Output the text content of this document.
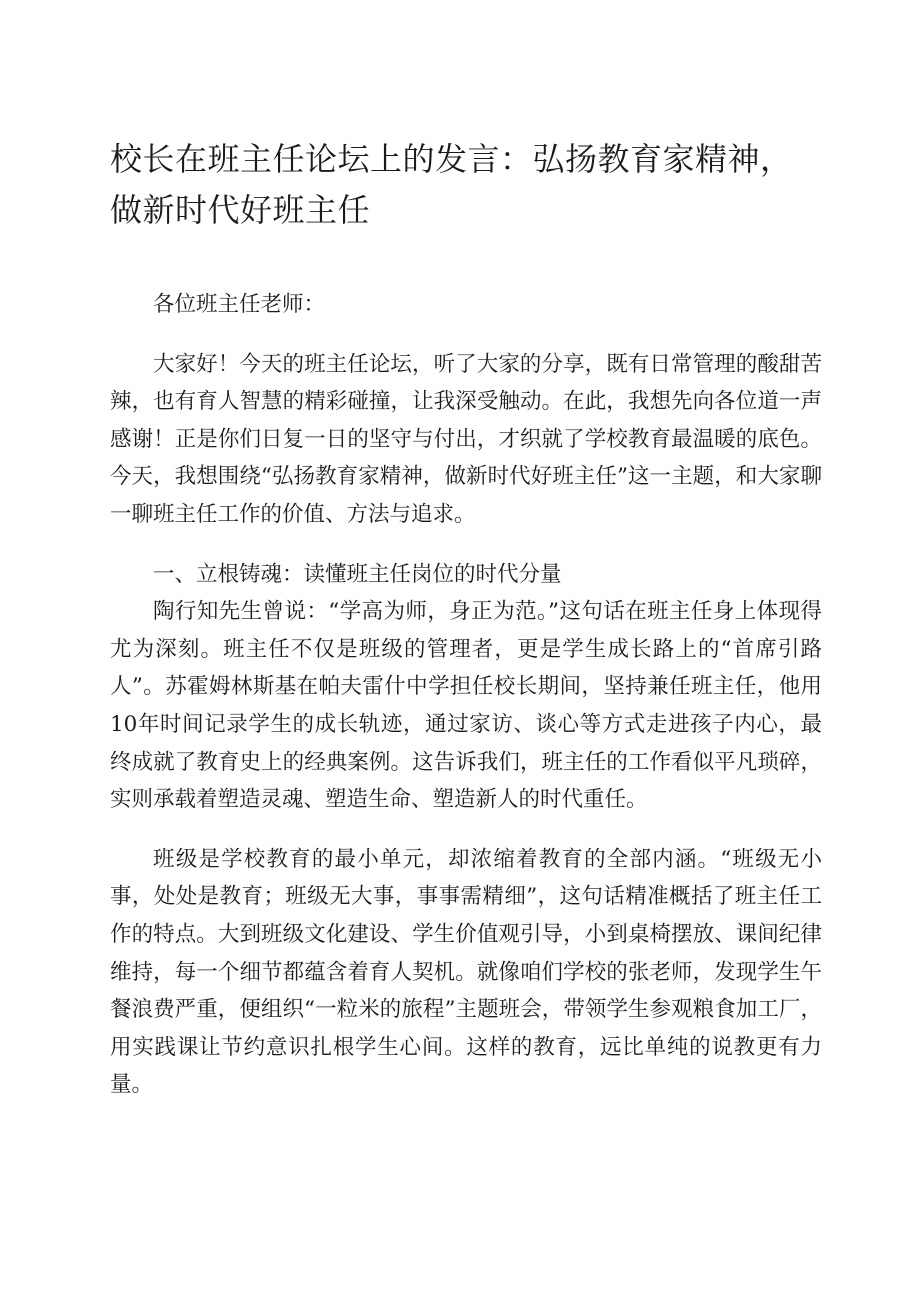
校长在班主任论坛上的发言：弘扬教育家精神，做新时代好班主任

各位班主任老师：

大家好！今天的班主任论坛，听了大家的分享，既有日常管理的酸甜苦辣，也有育人智慧的精彩碰撞，让我深受触动。在此，我想先向各位道一声感谢！正是你们日复一日的坚守与付出，才织就了学校教育最温暖的底色。今天，我想围绕“弘扬教育家精神，做新时代好班主任”这一主题，和大家聊一聊班主任工作的价值、方法与追求。

一、立根铸魂：读懂班主任岗位的时代分量

陶行知先生曾说：“学高为师，身正为范。”这句话在班主任身上体现得尤为深刻。班主任不仅是班级的管理者，更是学生成长路上的“首席引路人”。苏霍姆林斯基在帕夫雷什中学担任校长期间，坚持兼任班主任，他用10年时间记录学生的成长轨迹，通过家访、谈心等方式走进孩子内心，最终成就了教育史上的经典案例。这告诉我们，班主任的工作看似平凡琐碎，实则承载着塑造灵魂、塑造生命、塑造新人的时代重任。

班级是学校教育的最小单元，却浓缩着教育的全部内涵。“班级无小事，处处是教育；班级无大事，事事需精细”，这句话精准概括了班主任工作的特点。大到班级文化建设、学生价值观引导，小到桌椅摆放、课间纪律维持，每一个细节都蕴含着育人契机。就像咱们学校的张老师，发现学生午餐浪费严重，便组织“一粒米的旅程”主题班会，带领学生参观粮食加工厂，用实践课让节约意识扎根学生心间。这样的教育，远比单纯的说教更有力量。
